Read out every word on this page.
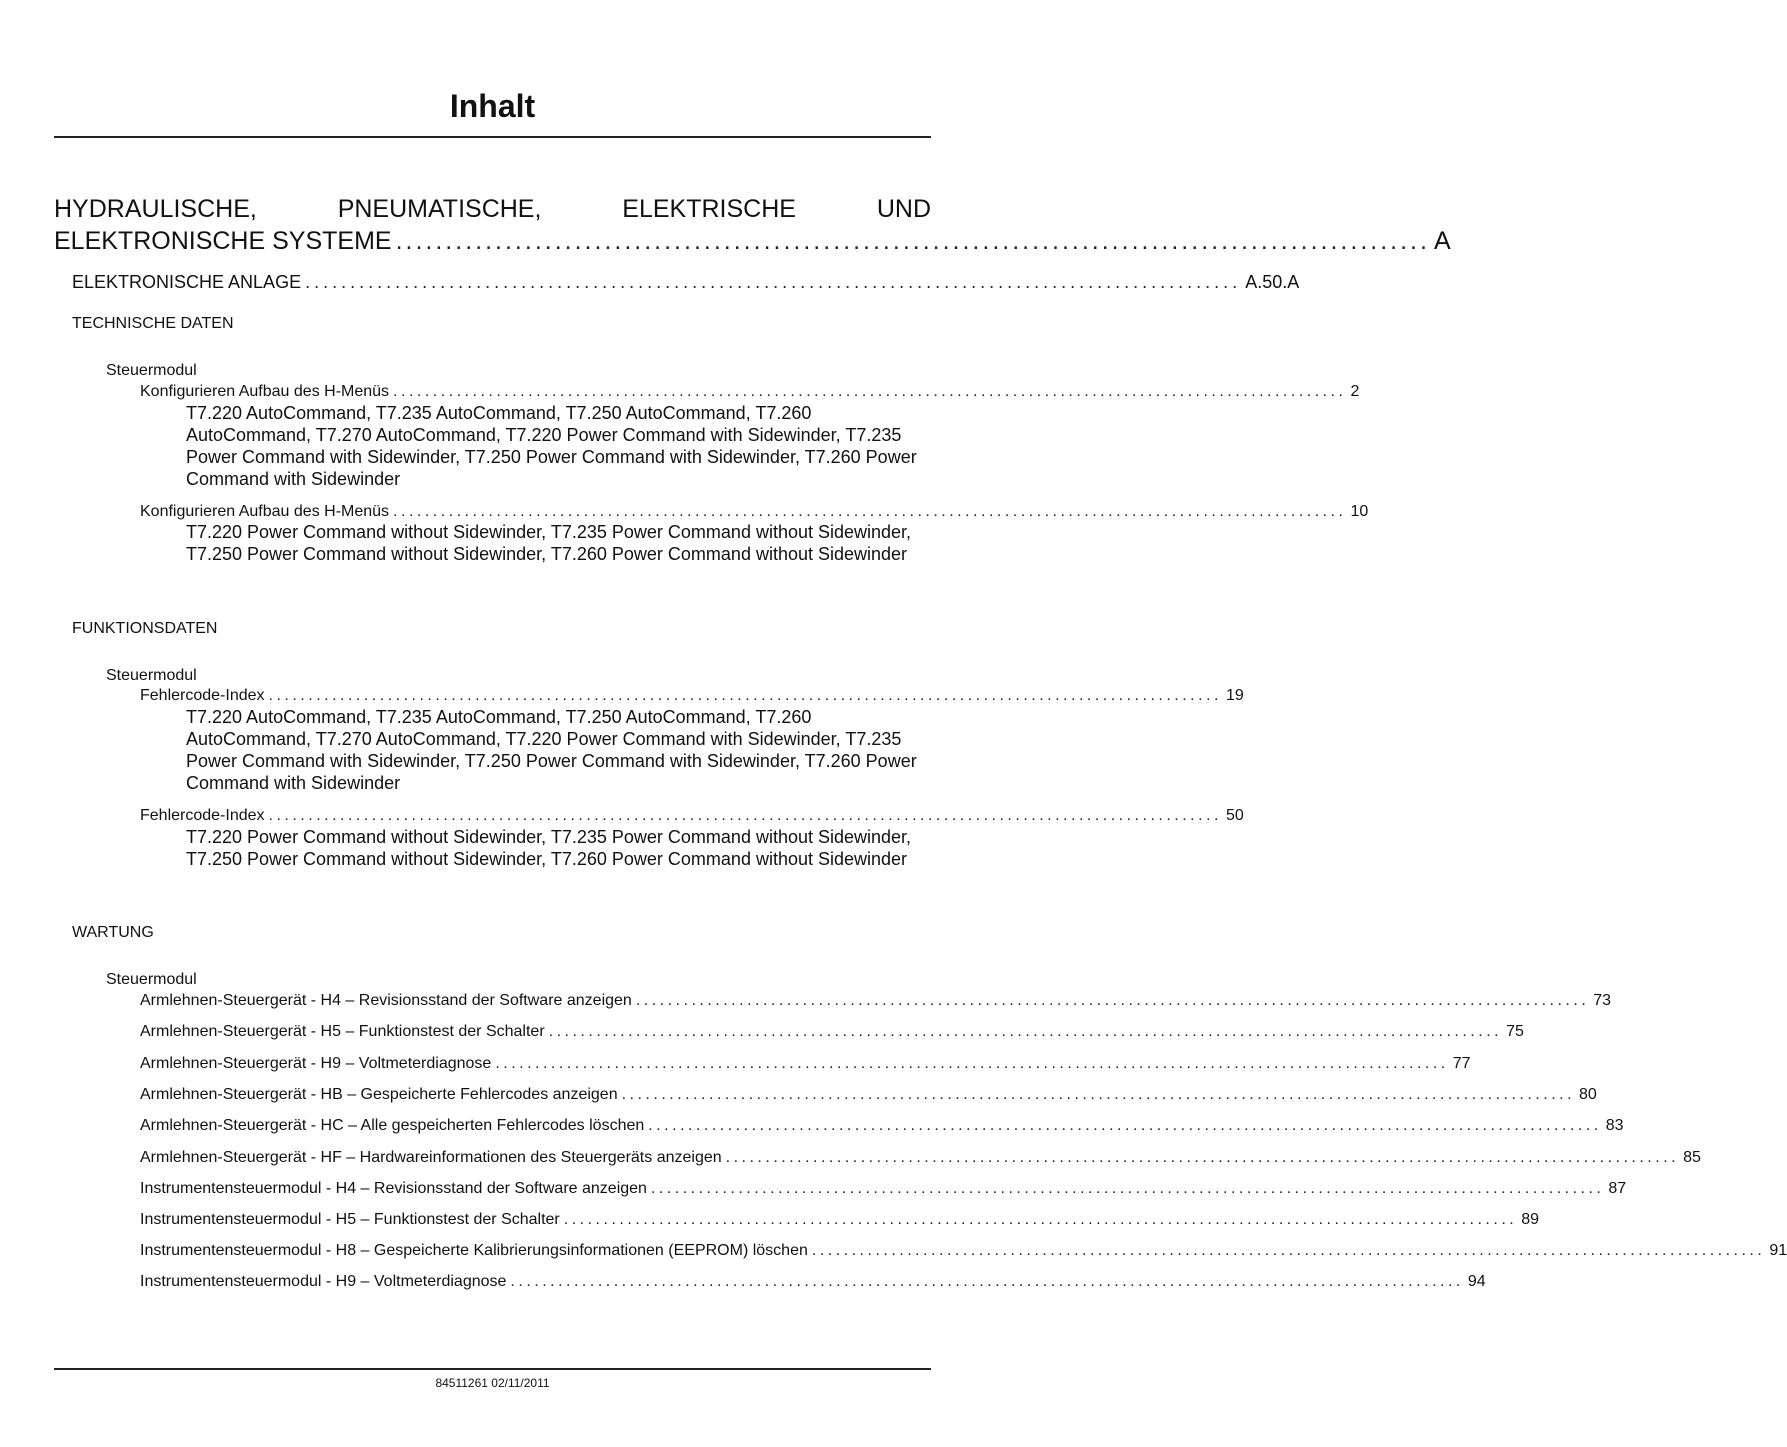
Inhalt
HYDRAULISCHE, PNEUMATISCHE, ELEKTRISCHE UND
ELEKTRONISCHE SYSTEME ........................................................................................................ A
ELEKTRONISCHE ANLAGE ........................................................................................................ A.50.A
TECHNISCHE DATEN
Steuermodul
Konfigurieren Aufbau des H-Menüs ........................................................................................................................ 2
T7.220 AutoCommand, T7.235 AutoCommand, T7.250 AutoCommand, T7.260 AutoCommand, T7.270 AutoCommand, T7.220 Power Command with Sidewinder, T7.235 Power Command with Sidewinder, T7.250 Power Command with Sidewinder, T7.260 Power Command with Sidewinder
Konfigurieren Aufbau des H-Menüs ........................................................................................................................ 10
T7.220 Power Command without Sidewinder, T7.235 Power Command without Sidewinder, T7.250 Power Command without Sidewinder, T7.260 Power Command without Sidewinder
FUNKTIONSDATEN
Steuermodul
Fehlercode-Index ........................................................................................................................ 19
T7.220 AutoCommand, T7.235 AutoCommand, T7.250 AutoCommand, T7.260 AutoCommand, T7.270 AutoCommand, T7.220 Power Command with Sidewinder, T7.235 Power Command with Sidewinder, T7.250 Power Command with Sidewinder, T7.260 Power Command with Sidewinder
Fehlercode-Index ........................................................................................................................ 50
T7.220 Power Command without Sidewinder, T7.235 Power Command without Sidewinder, T7.250 Power Command without Sidewinder, T7.260 Power Command without Sidewinder
WARTUNG
Steuermodul
Armlehnen-Steuergerät - H4 – Revisionsstand der Software anzeigen ........................................................................................................................ 73
Armlehnen-Steuergerät - H5 – Funktionstest der Schalter ........................................................................................................................ 75
Armlehnen-Steuergerät - H9 – Voltmeterdiagnose ........................................................................................................................ 77
Armlehnen-Steuergerät - HB – Gespeicherte Fehlercodes anzeigen ........................................................................................................................ 80
Armlehnen-Steuergerät - HC – Alle gespeicherten Fehlercodes löschen ........................................................................................................................ 83
Armlehnen-Steuergerät - HF – Hardwareinformationen des Steuergeräts anzeigen ........................................................................................................................ 85
Instrumentensteuermodul - H4 – Revisionsstand der Software anzeigen ........................................................................................................................ 87
Instrumentensteuermodul - H5 – Funktionstest der Schalter ........................................................................................................................ 89
Instrumentensteuermodul - H8 – Gespeicherte Kalibrierungsinformationen (EEPROM) löschen ........................................................................................................................ 91
Instrumentensteuermodul - H9 – Voltmeterdiagnose ........................................................................................................................ 94
84511261 02/11/2011
